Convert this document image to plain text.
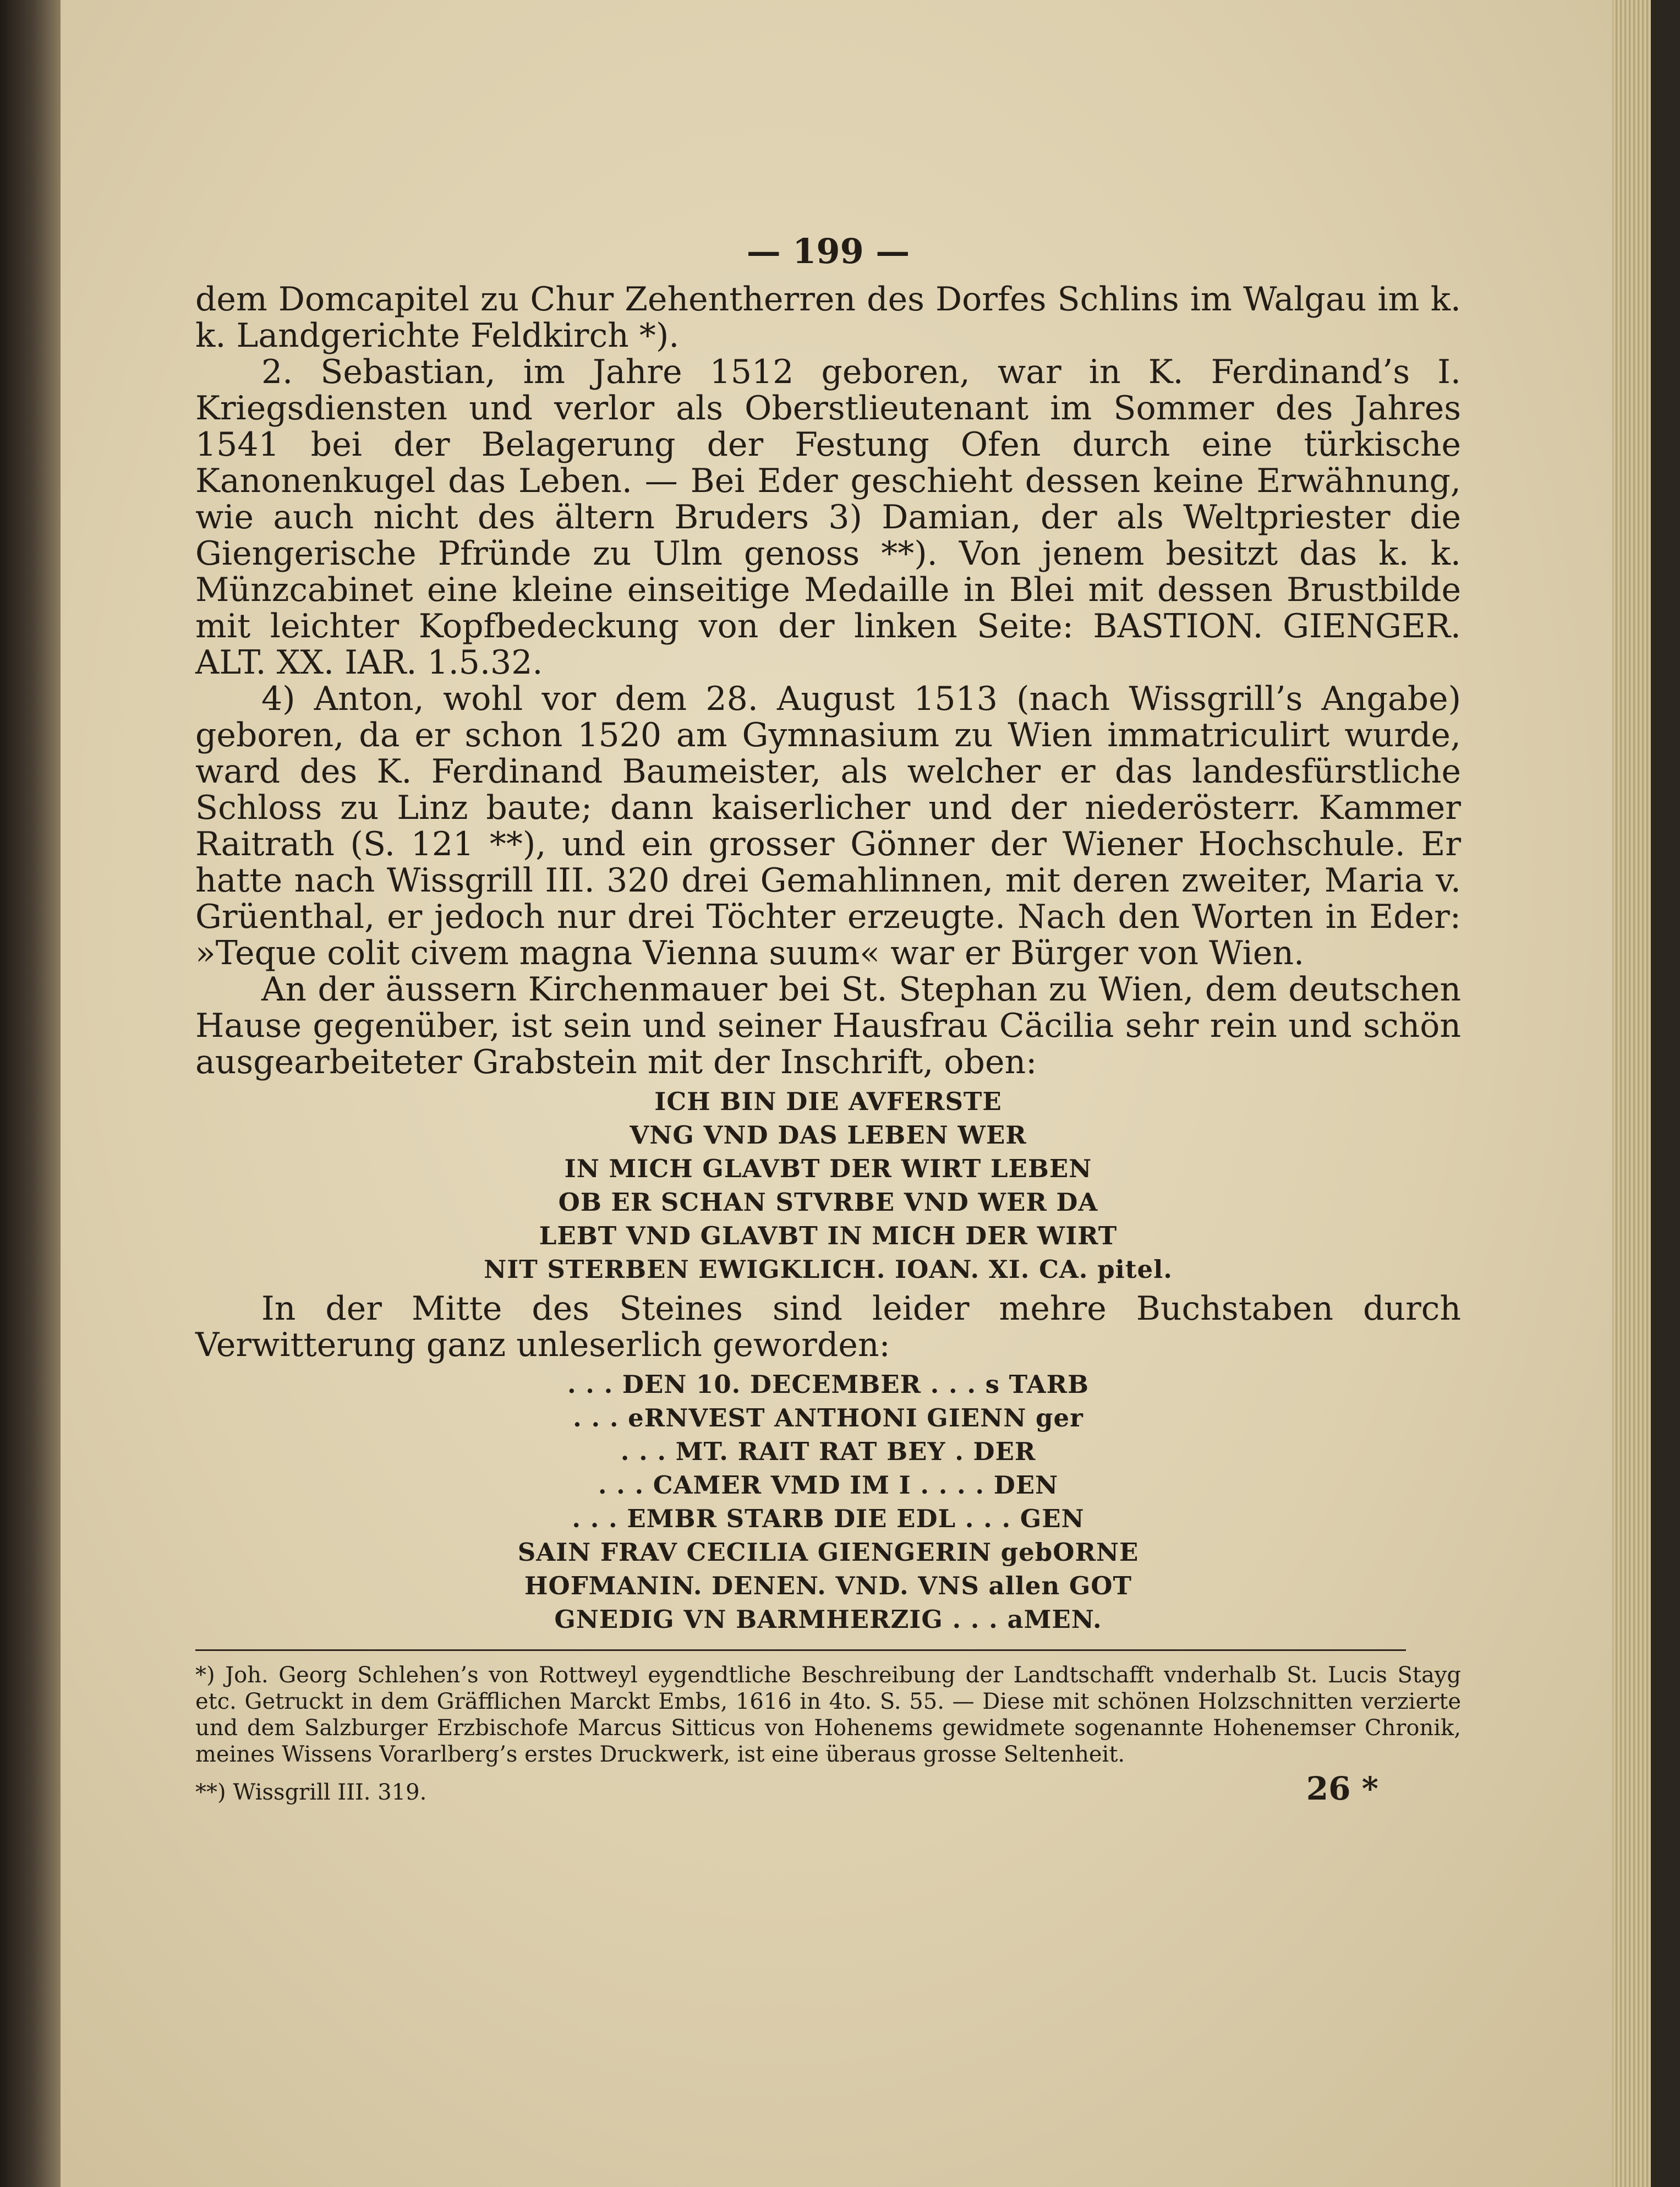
— 199 —

dem Domcapitel zu Chur Zehentherren des Dorfes Schlins im Walgau im k. k. Landgerichte Feldkirch *).

2. Sebastian, im Jahre 1512 geboren, war in K. Ferdinand’s I. Kriegsdiensten und verlor als Oberstlieutenant im Sommer des Jahres 1541 bei der Belagerung der Festung Ofen durch eine türkische Kanonenkugel das Leben. — Bei Eder geschieht dessen keine Erwähnung, wie auch nicht des ältern Bruders 3) Damian, der als Weltpriester die Giengerische Pfründe zu Ulm genoss **). Von jenem besitzt das k. k. Münzcabinet eine kleine einseitige Medaille in Blei mit dessen Brustbilde mit leichter Kopfbedeckung von der linken Seite: BASTION. GIENGER. ALT. XX. IAR. 1.5.32.

4) Anton, wohl vor dem 28. August 1513 (nach Wissgrill’s Angabe) geboren, da er schon 1520 am Gymnasium zu Wien immatriculirt wurde, ward des K. Ferdinand Baumeister, als welcher er das landesfürstliche Schloss zu Linz baute; dann kaiserlicher und der niederösterr. Kammer Raitrath (S. 121 **), und ein grosser Gönner der Wiener Hochschule. Er hatte nach Wissgrill III. 320 drei Gemahlinnen, mit deren zweiter, Maria v. Grüenthal, er jedoch nur drei Töchter erzeugte. Nach den Worten in Eder: »Teque colit civem magna Vienna suum« war er Bürger von Wien.

An der äussern Kirchenmauer bei St. Stephan zu Wien, dem deutschen Hause gegenüber, ist sein und seiner Hausfrau Cäcilia sehr rein und schön ausgearbeiteter Grabstein mit der Inschrift, oben:

ICH BIN DIE AVFERSTE
VNG VND DAS LEBEN WER
IN MICH GLAVBT DER WIRT LEBEN
OB ER SCHAN STVRBE VND WER DA
LEBT VND GLAVBT IN MICH DER WIRT
NIT STERBEN EWIGKLICH. IOAN. XI. CA. pitel.

In der Mitte des Steines sind leider mehre Buchstaben durch Verwitterung ganz unleserlich geworden:

. . . DEN 10. DECEMBER . . . s TARB
. . . eRNVEST ANTHONI GIENN ger
. . . MT. RAIT RAT BEY . DER
. . . CAMER VMD IM I . . . . DEN
. . . EMBR STARB DIE EDL . . . GEN
SAIN FRAV CECILIA GIENGERIN gebORNE
HOFMANIN. DENEN. VND. VNS allen GOT
GNEDIG VN BARMHERZIG . . . aMEN.

*) Joh. Georg Schlehen’s von Rottweyl eygendtliche Beschreibung der Landtschafft vnderhalb St. Lucis Stayg etc. Getruckt in dem Gräfflichen Marckt Embs, 1616 in 4to. S. 55. — Diese mit schönen Holzschnitten verzierte und dem Salzburger Erzbischofe Marcus Sitticus von Hohenems gewidmete sogenannte Hohenemser Chronik, meines Wissens Vorarlberg’s erstes Druckwerk, ist eine überaus grosse Seltenheit.

**) Wissgrill III. 319.	26 *
